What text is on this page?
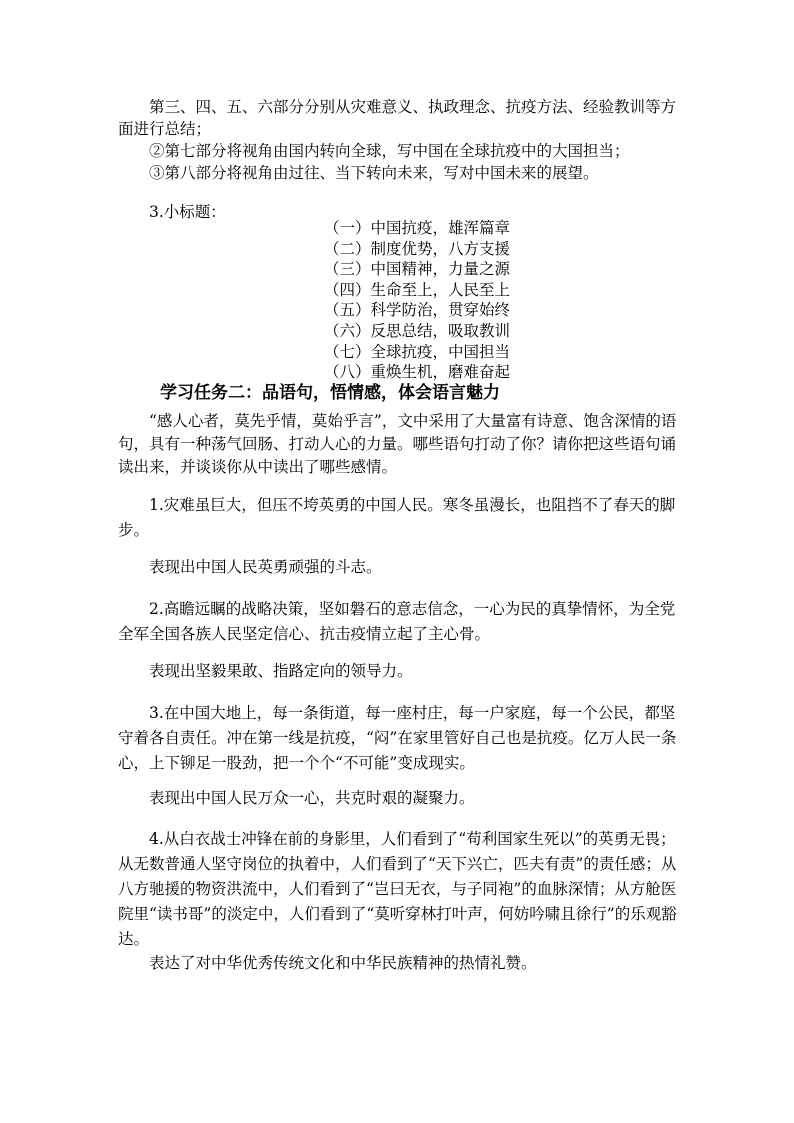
第三、四、五、六部分分别从灾难意义、执政理念、抗疫方法、经验教训等方面进行总结；

②第七部分将视角由国内转向全球，写中国在全球抗疫中的大国担当；

③第八部分将视角由过往、当下转向未来，写对中国未来的展望。

3.小标题：

（一）中国抗疫，雄浑篇章
（二）制度优势，八方支援
（三）中国精神，力量之源
（四）生命至上，人民至上
（五）科学防治，贯穿始终
（六）反思总结，吸取教训
（七）全球抗疫，中国担当
（八）重焕生机，磨难奋起

学习任务二：品语句，悟情感，体会语言魅力

“感人心者，莫先乎情，莫始乎言”，文中采用了大量富有诗意、饱含深情的语句，具有一种荡气回肠、打动人心的力量。哪些语句打动了你？请你把这些语句诵读出来，并谈谈你从中读出了哪些感情。

1.灾难虽巨大，但压不垮英勇的中国人民。寒冬虽漫长，也阻挡不了春天的脚步。

表现出中国人民英勇顽强的斗志。

2.高瞻远瞩的战略决策，坚如磐石的意志信念，一心为民的真挚情怀，为全党全军全国各族人民坚定信心、抗击疫情立起了主心骨。

表现出坚毅果敢、指路定向的领导力。

3.在中国大地上，每一条街道，每一座村庄，每一户家庭，每一个公民，都坚守着各自责任。冲在第一线是抗疫，“闷”在家里管好自己也是抗疫。亿万人民一条心，上下铆足一股劲，把一个个“不可能”变成现实。

表现出中国人民万众一心，共克时艰的凝聚力。

4.从白衣战士冲锋在前的身影里，人们看到了“苟利国家生死以”的英勇无畏；从无数普通人坚守岗位的执着中，人们看到了“天下兴亡，匹夫有责”的责任感；从八方驰援的物资洪流中，人们看到了“岂曰无衣，与子同袍”的血脉深情；从方舱医院里“读书哥”的淡定中，人们看到了“莫听穿林打叶声，何妨吟啸且徐行”的乐观豁达。

表达了对中华优秀传统文化和中华民族精神的热情礼赞。
